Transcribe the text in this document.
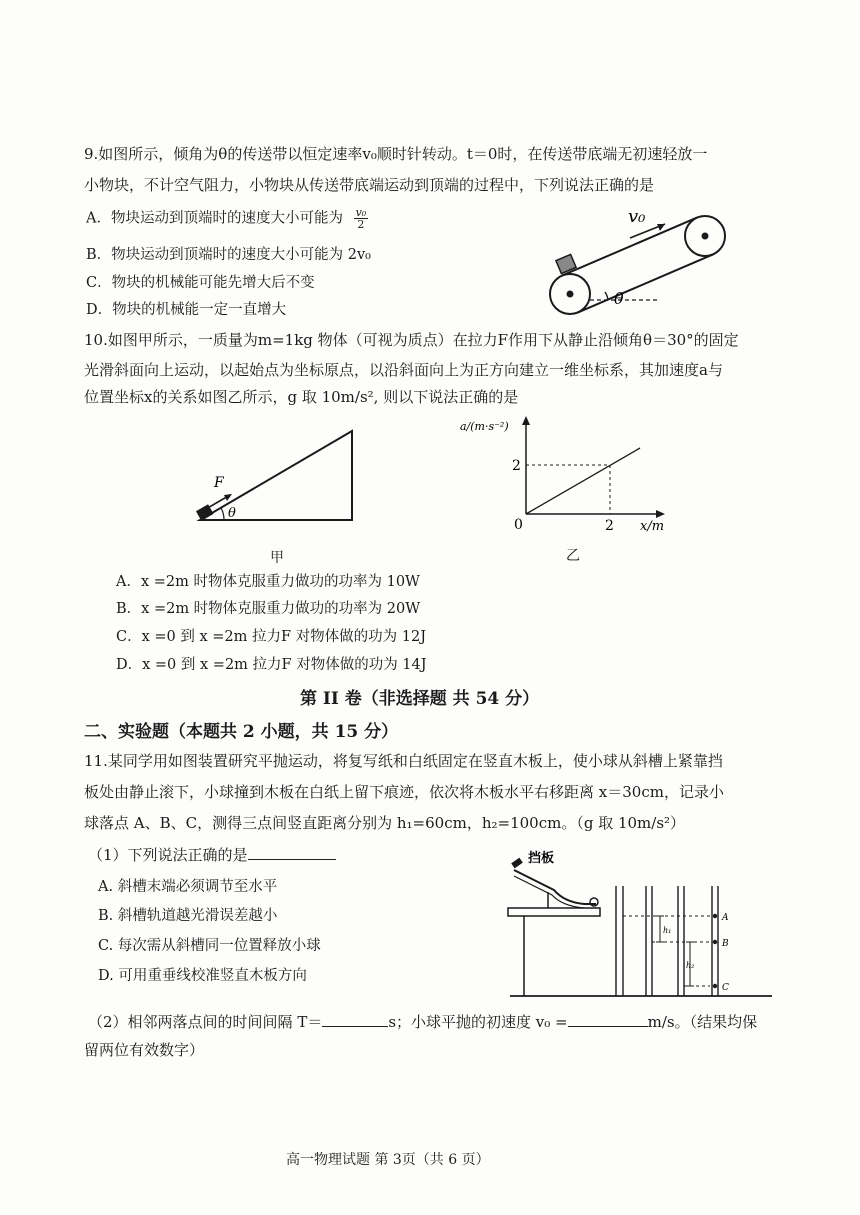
9.如图所示，倾角为θ的传送带以恒定速率v₀顺时针转动。t＝0时，在传送带底端无初速轻放一
小物块，不计空气阻力，小物块从传送带底端运动到顶端的过程中，下列说法正确的是
A．物块运动到顶端时的速度大小可能为 $\frac{\text{v₀}}{2}$
B．物块运动到顶端时的速度大小可能为 2v₀
C．物块的机械能可能先增大后不变
D．物块的机械能一定一直增大
v₀
θ
10.如图甲所示，一质量为m=1kg 物体（可视为质点）在拉力F作用下从静止沿倾角θ＝30°的固定
光滑斜面向上运动，以起始点为坐标原点，以沿斜面向上为正方向建立一维坐标系，其加速度a与
位置坐标x的关系如图乙所示，g 取 10m/s², 则以下说法正确的是
F
θ
甲
a/(m·s⁻²)
2
0	2 x/m
乙
A．x =2m 时物体克服重力做功的功率为 10W
B．x =2m 时物体克服重力做功的功率为 20W
C．x =0 到 x =2m 拉力F 对物体做的功为 12J
D．x =0 到 x =2m 拉力F 对物体做的功为 14J
第 II 卷（非选择题 共 54 分）
二、实验题（本题共 2 小题，共 15 分）
11.某同学用如图装置研究平抛运动，将复写纸和白纸固定在竖直木板上，使小球从斜槽上紧靠挡
板处由静止滚下，小球撞到木板在白纸上留下痕迹，依次将木板水平右移距离 x＝30cm，记录小
球落点 A、B、C，测得三点间竖直距离分别为 h₁=60cm，h₂=100cm。（g 取 10m/s²）
（1）下列说法正确的是
A. 斜槽末端必须调节至水平
B. 斜槽轨道越光滑误差越小
C. 每次需从斜槽同一位置释放小球
D. 可用重垂线校准竖直木板方向
挡板
A
B
C
h₁
h₂
（2）相邻两落点间的时间间隔 T＝	s；小球平抛的初速度 v₀ =	m/s。（结果均保
留两位有效数字）
高一物理试题 第 3页（共 6 页）
